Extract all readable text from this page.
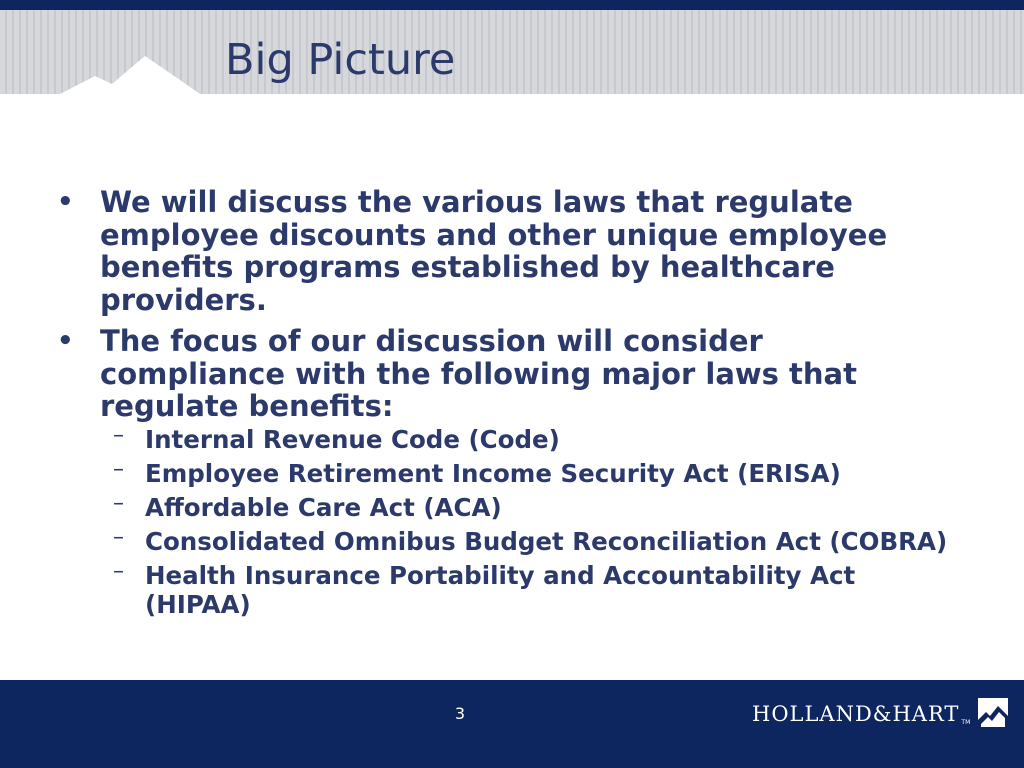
Big Picture
• We will discuss the various laws that regulate employee discounts and other unique employee benefits programs established by healthcare providers.
• The focus of our discussion will consider compliance with the following major laws that regulate benefits:
– Internal Revenue Code (Code)
– Employee Retirement Income Security Act (ERISA)
– Affordable Care Act (ACA)
– Consolidated Omnibus Budget Reconciliation Act (COBRA)
– Health Insurance Portability and Accountability Act (HIPAA)
3	HOLLAND&HART TM
